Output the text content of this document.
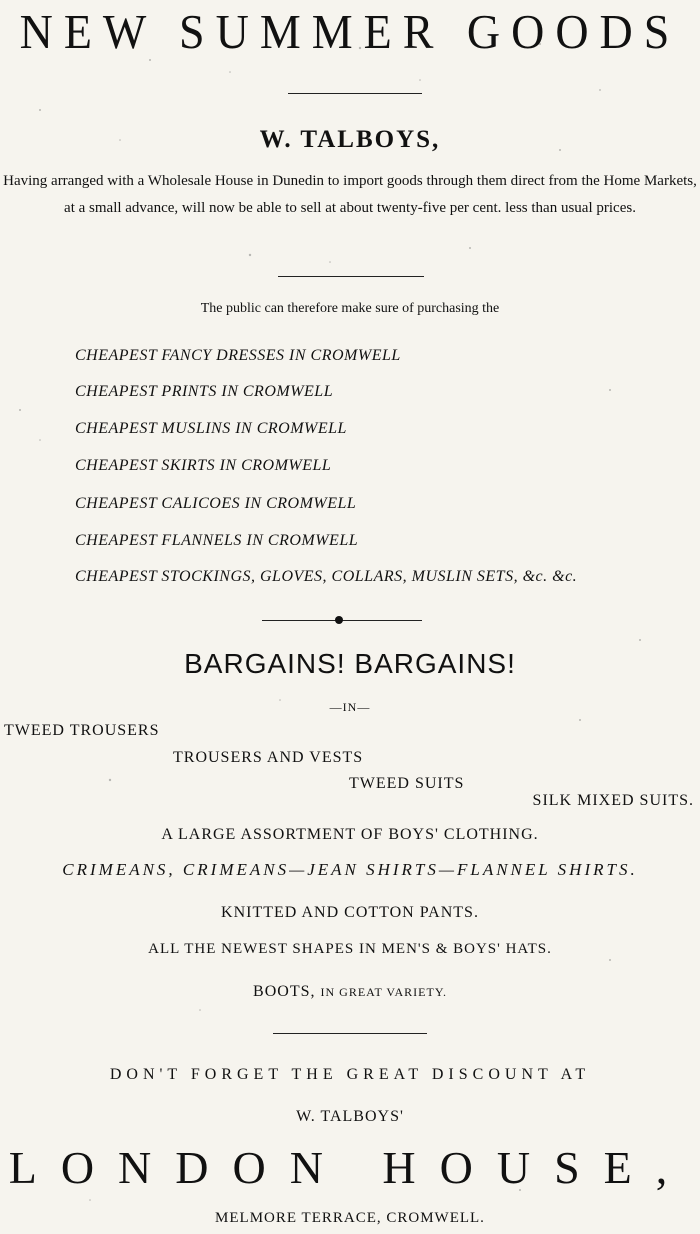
NEW SUMMER GOODS
W. TALBOYS,
Having arranged with a Wholesale House in Dunedin to import goods through them direct from the Home Markets, at a small advance, will now be able to sell at about twenty-five per cent. less than usual prices.
The public can therefore make sure of purchasing the
CHEAPEST FANCY DRESSES IN CROMWELL
CHEAPEST PRINTS IN CROMWELL
CHEAPEST MUSLINS IN CROMWELL
CHEAPEST SKIRTS IN CROMWELL
CHEAPEST CALICOES IN CROMWELL
CHEAPEST FLANNELS IN CROMWELL
CHEAPEST STOCKINGS, GLOVES, COLLARS, MUSLIN SETS, &c. &c.
BARGAINS! BARGAINS!
—IN—
TWEED TROUSERS
TROUSERS AND VESTS
TWEED SUITS
SILK MIXED SUITS.
A LARGE ASSORTMENT OF BOYS' CLOTHING.
CRIMEANS, CRIMEANS—JEAN SHIRTS—FLANNEL SHIRTS.
KNITTED AND COTTON PANTS.
ALL THE NEWEST SHAPES IN MEN'S & BOYS' HATS.
BOOTS, IN GREAT VARIETY.
DON'T FORGET THE GREAT DISCOUNT AT
W. TALBOYS'
LONDON HOUSE,
MELMORE TERRACE, CROMWELL.
